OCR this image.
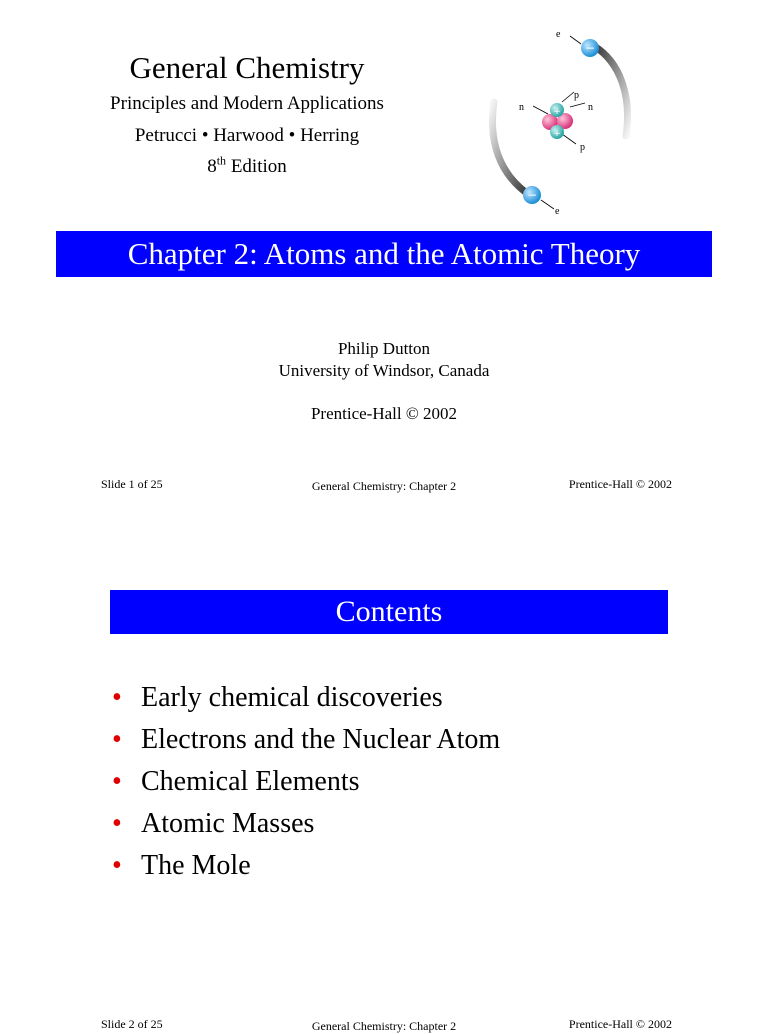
General Chemistry
Principles and Modern Applications
Petrucci • Harwood • Herring
8th Edition
−
−
+
+
e
e
n	n
p
p
Chapter 2: Atoms and the Atomic Theory
Philip Dutton
University of Windsor, Canada
Prentice-Hall © 2002
Slide 1 of 25	General Chemistry: Chapter 2	Prentice-Hall © 2002
Contents
• Early chemical discoveries
• Electrons and the Nuclear Atom
• Chemical Elements
• Atomic Masses
• The Mole
Slide 2 of 25	General Chemistry: Chapter 2	Prentice-Hall © 2002
